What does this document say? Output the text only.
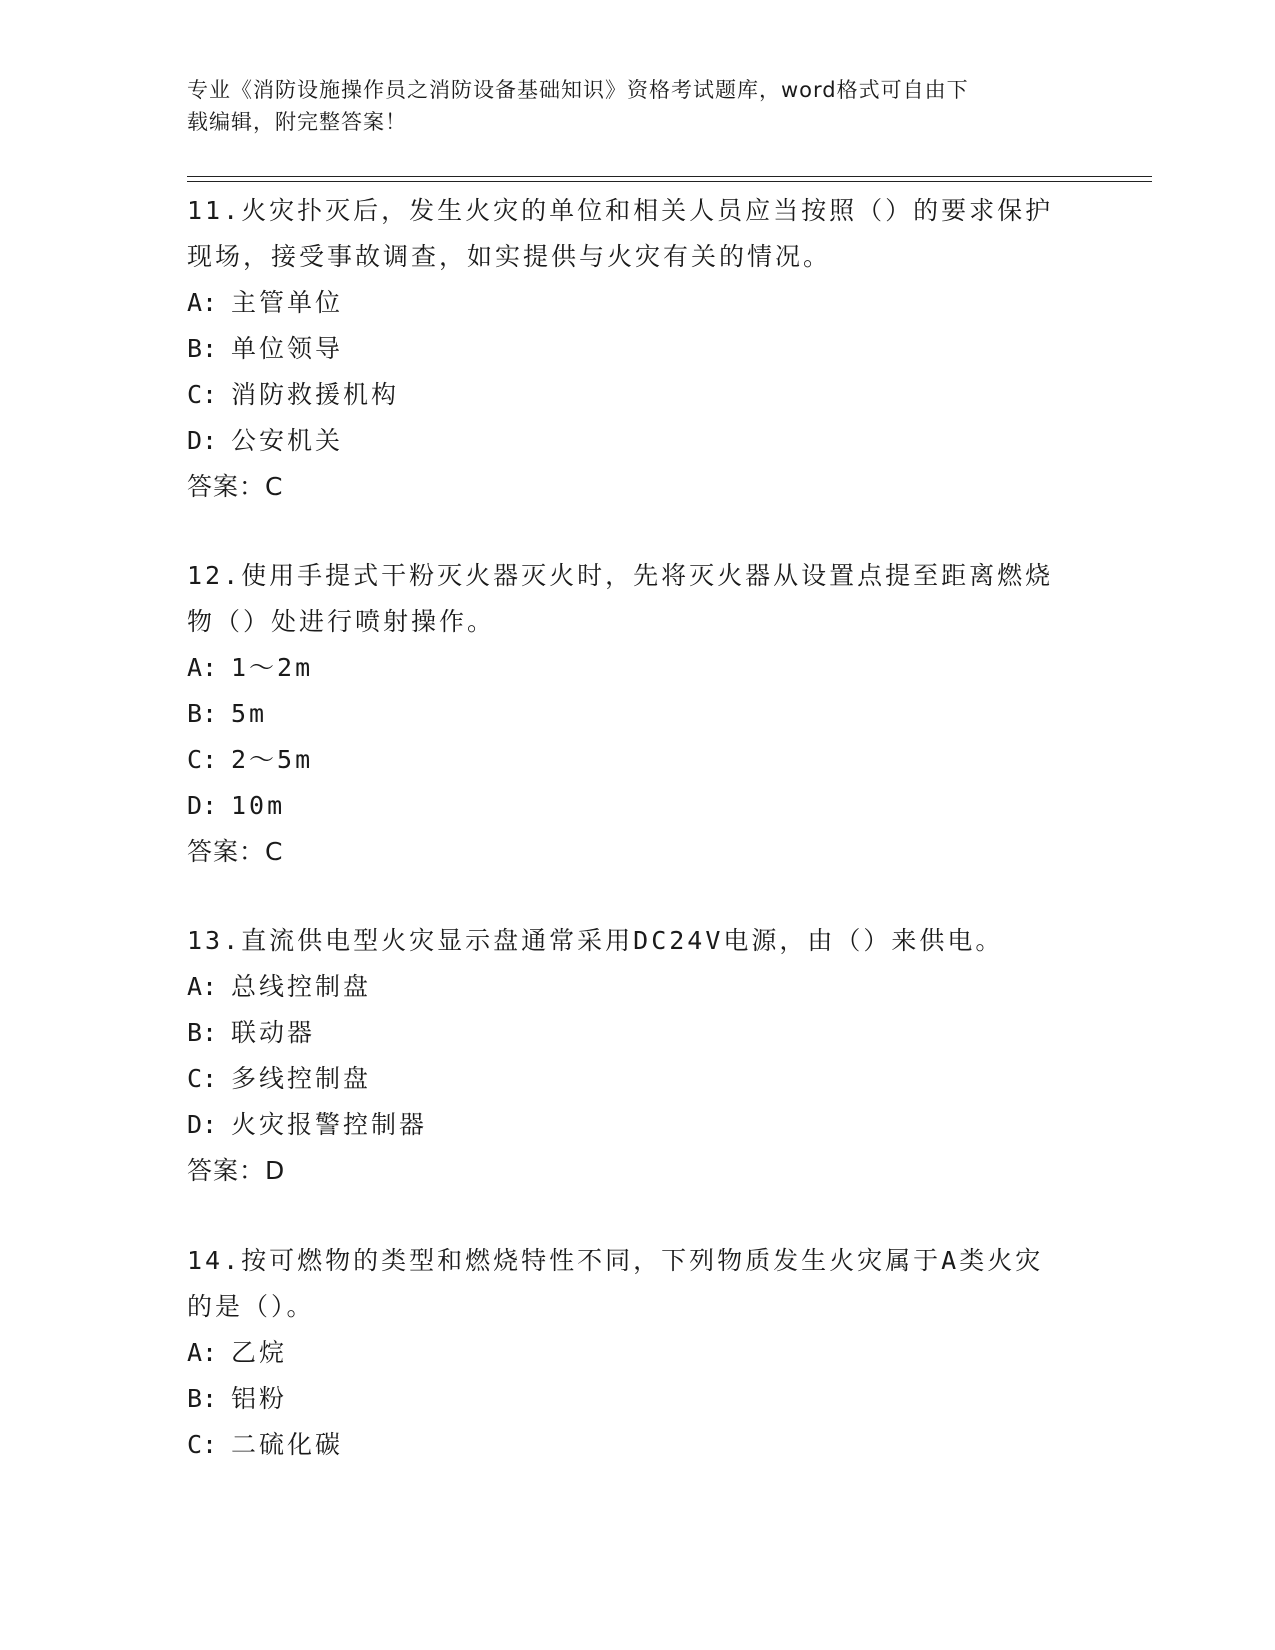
专业《消防设施操作员之消防设备基础知识》资格考试题库，word格式可自由下
载编辑，附完整答案！
11.火灾扑灭后，发生火灾的单位和相关人员应当按照（）的要求保护
现场，接受事故调查，如实提供与火灾有关的情况。
A: 主管单位
B: 单位领导
C: 消防救援机构
D: 公安机关
答案：C
12.使用手提式干粉灭火器灭火时，先将灭火器从设置点提至距离燃烧
物（）处进行喷射操作。
A: 1～2m
B: 5m
C: 2～5m
D: 10m
答案：C
13.直流供电型火灾显示盘通常采用DC24V电源，由（）来供电。
A: 总线控制盘
B: 联动器
C: 多线控制盘
D: 火灾报警控制器
答案：D
14.按可燃物的类型和燃烧特性不同，下列物质发生火灾属于A类火灾
的是（）。
A: 乙烷
B: 铝粉
C: 二硫化碳
